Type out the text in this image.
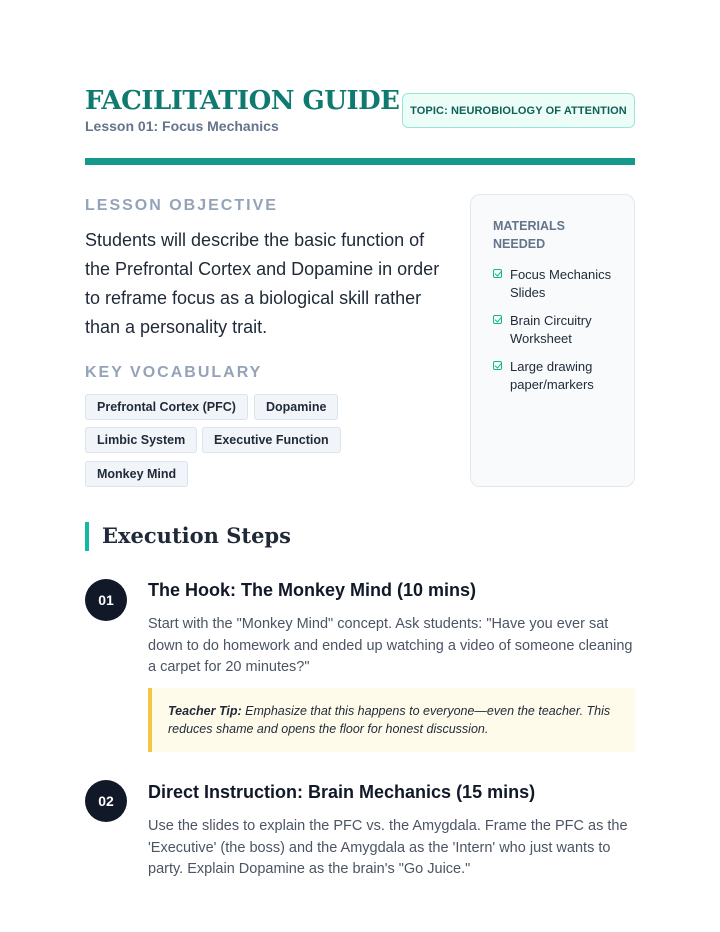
FACILITATION GUIDE
Lesson 01: Focus Mechanics
TOPIC: NEUROBIOLOGY OF ATTENTION
LESSON OBJECTIVE
Students will describe the basic function of the Prefrontal Cortex and Dopamine in order to reframe focus as a biological skill rather than a personality trait.
KEY VOCABULARY
Prefrontal Cortex (PFC)	Dopamine
Limbic System	Executive Function
Monkey Mind
MATERIALS NEEDED
Focus Mechanics Slides
Brain Circuitry Worksheet
Large drawing paper/markers
Execution Steps
01	The Hook: The Monkey Mind (10 mins)
Start with the "Monkey Mind" concept. Ask students: "Have you ever sat down to do homework and ended up watching a video of someone cleaning a carpet for 20 minutes?"
Teacher Tip: Emphasize that this happens to everyone—even the teacher. This reduces shame and opens the floor for honest discussion.
02	Direct Instruction: Brain Mechanics (15 mins)
Use the slides to explain the PFC vs. the Amygdala. Frame the PFC as the 'Executive' (the boss) and the Amygdala as the 'Intern' who just wants to party. Explain Dopamine as the brain's "Go Juice."
